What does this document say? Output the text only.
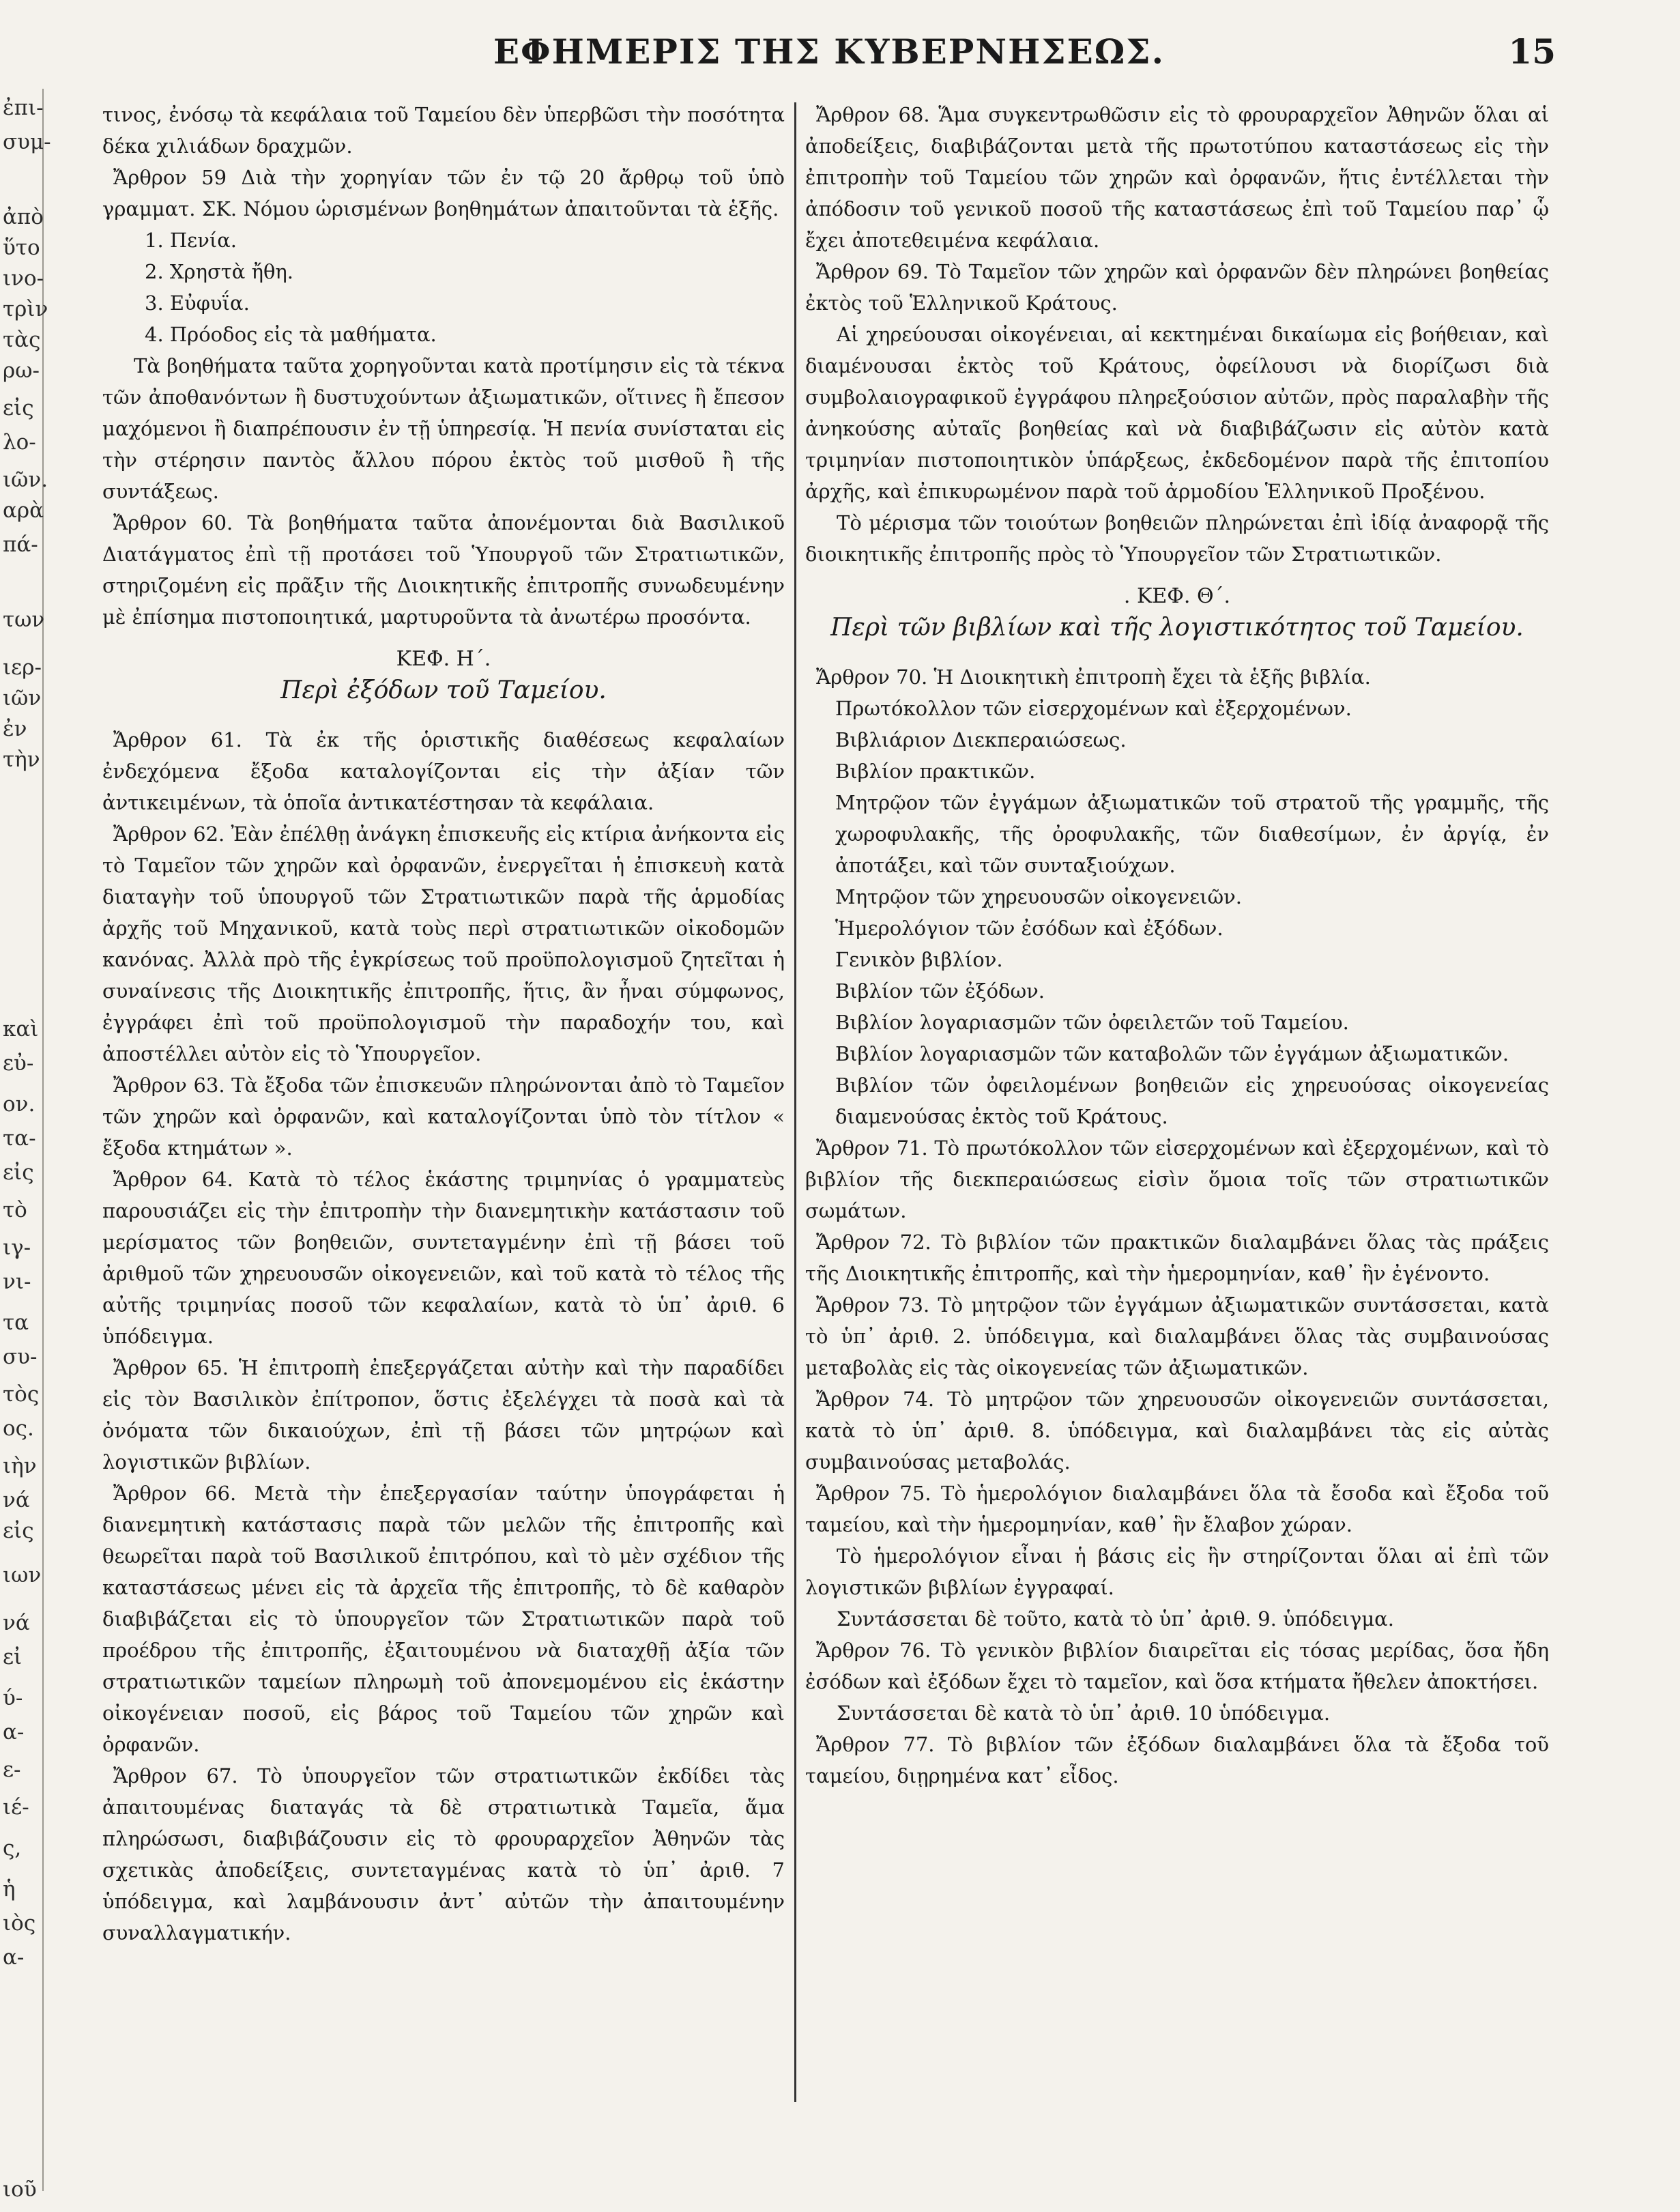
ΕΦΗΜΕΡΙΣ ΤΗΣ ΚΥΒΕΡΝΗΣΕΩΣ.	15
ἐπι-
συμ-
ἀπὸ
ὕτο
ινο-
τρὶν
τὰς
ρω-
εἰς
λο-
ιῶν.
αρὰ
πά-
των
ιερ-
ιῶν
ἐν
τὴν
καὶ
εὐ-
ον.
τα-
εἰς
τὸ
ιγ-
νι-
τα
συ-
τὸς
ος.
ιὴν
νά
εἰς
ιων
νά
εἰ
ύ-
α-
ε-
ιέ-
ς,
ἡ
ιὸς
α-
ιοῦ

τινος, ἐνόσῳ τὰ κεφάλαια τοῦ Ταμείου δὲν ὑπερβῶσι τὴν ποσότητα δέκα χιλιάδων δραχμῶν.

Ἄρθρον 59 Διὰ τὴν χορηγίαν τῶν ἐν τῷ 20 ἄρθρῳ τοῦ ὑπὸ γραμματ. ΣΚ. Νόμου ὡρισμένων βοηθημάτων ἀπαιτοῦνται τὰ ἑξῆς.

1. Πενία.

2. Χρηστὰ ἤθη.

3. Εὐφυΐα.

4. Πρόοδος εἰς τὰ μαθήματα.

Τὰ βοηθήματα ταῦτα χορηγοῦνται κατὰ προτίμησιν εἰς τὰ τέκνα τῶν ἀποθανόντων ἢ δυστυχούντων ἀξιωματικῶν, οἵτινες ἢ ἔπεσον μαχόμενοι ἢ διαπρέπουσιν ἐν τῇ ὑπηρεσίᾳ. Ἡ πενία συνίσταται εἰς τὴν στέρησιν παντὸς ἄλλου πόρου ἐκτὸς τοῦ μισθοῦ ἢ τῆς συντάξεως.

Ἄρθρον 60. Τὰ βοηθήματα ταῦτα ἀπονέμονται διὰ Βασιλικοῦ Διατάγματος ἐπὶ τῇ προτάσει τοῦ Ὑπουργοῦ τῶν Στρατιωτικῶν, στηριζομένη εἰς πρᾶξιν τῆς Διοικητικῆς ἐπιτροπῆς συνωδευμένην μὲ ἐπίσημα πιστοποιητικά, μαρτυροῦντα τὰ ἀνωτέρω προσόντα.

ΚΕΦ. Η΄.

Περὶ ἐξόδων τοῦ Ταμείου.

Ἄρθρον 61. Τὰ ἐκ τῆς ὁριστικῆς διαθέσεως κεφαλαίων ἐνδεχόμενα ἔξοδα καταλογίζονται εἰς τὴν ἀξίαν τῶν ἀντικειμένων, τὰ ὁποῖα ἀντικατέστησαν τὰ κεφάλαια.

Ἄρθρον 62. Ἐὰν ἐπέλθῃ ἀνάγκη ἐπισκευῆς εἰς κτίρια ἀνήκοντα εἰς τὸ Ταμεῖον τῶν χηρῶν καὶ ὀρφανῶν, ἐνεργεῖται ἡ ἐπισκευὴ κατὰ διαταγὴν τοῦ ὑπουργοῦ τῶν Στρατιωτικῶν παρὰ τῆς ἁρμοδίας ἀρχῆς τοῦ Μηχανικοῦ, κατὰ τοὺς περὶ στρατιωτικῶν οἰκοδομῶν κανόνας. Ἀλλὰ πρὸ τῆς ἐγκρίσεως τοῦ προϋπολογισμοῦ ζητεῖται ἡ συναίνεσις τῆς Διοικητικῆς ἐπιτροπῆς, ἥτις, ἂν ἦναι σύμφωνος, ἐγγράφει ἐπὶ τοῦ προϋπολογισμοῦ τὴν παραδοχήν του, καὶ ἀποστέλλει αὐτὸν εἰς τὸ Ὑπουργεῖον.

Ἄρθρον 63. Τὰ ἔξοδα τῶν ἐπισκευῶν πληρώνονται ἀπὸ τὸ Ταμεῖον τῶν χηρῶν καὶ ὀρφανῶν, καὶ καταλογίζονται ὑπὸ τὸν τίτλον « ἔξοδα κτημάτων ».

Ἄρθρον 64. Κατὰ τὸ τέλος ἑκάστης τριμηνίας ὁ γραμματεὺς παρουσιάζει εἰς τὴν ἐπιτροπὴν τὴν διανεμητικὴν κατάστασιν τοῦ μερίσματος τῶν βοηθειῶν, συντεταγμένην ἐπὶ τῇ βάσει τοῦ ἀριθμοῦ τῶν χηρευουσῶν οἰκογενειῶν, καὶ τοῦ κατὰ τὸ τέλος τῆς αὐτῆς τριμηνίας ποσοῦ τῶν κεφαλαίων, κατὰ τὸ ὑπ᾽ ἀριθ. 6 ὑπόδειγμα.

Ἄρθρον 65. Ἡ ἐπιτροπὴ ἐπεξεργάζεται αὐτὴν καὶ τὴν παραδίδει εἰς τὸν Βασιλικὸν ἐπίτροπον, ὅστις ἐξελέγχει τὰ ποσὰ καὶ τὰ ὀνόματα τῶν δικαιούχων, ἐπὶ τῇ βάσει τῶν μητρῴων καὶ λογιστικῶν βιβλίων.

Ἄρθρον 66. Μετὰ τὴν ἐπεξεργασίαν ταύτην ὑπογράφεται ἡ διανεμητικὴ κατάστασις παρὰ τῶν μελῶν τῆς ἐπιτροπῆς καὶ θεωρεῖται παρὰ τοῦ Βασιλικοῦ ἐπιτρόπου, καὶ τὸ μὲν σχέδιον τῆς καταστάσεως μένει εἰς τὰ ἀρχεῖα τῆς ἐπιτροπῆς, τὸ δὲ καθαρὸν διαβιβάζεται εἰς τὸ ὑπουργεῖον τῶν Στρατιωτικῶν παρὰ τοῦ προέδρου τῆς ἐπιτροπῆς, ἐξαιτουμένου νὰ διαταχθῇ ἀξία τῶν στρατιωτικῶν ταμείων πληρωμὴ τοῦ ἀπονεμομένου εἰς ἑκάστην οἰκογένειαν ποσοῦ, εἰς βάρος τοῦ Ταμείου τῶν χηρῶν καὶ ὀρφανῶν.

Ἄρθρον 67. Τὸ ὑπουργεῖον τῶν στρατιωτικῶν ἐκδίδει τὰς ἀπαιτουμένας διαταγάς τὰ δὲ στρατιωτικὰ Ταμεῖα, ἅμα πληρώσωσι, διαβιβάζουσιν εἰς τὸ φρουραρχεῖον Ἀθηνῶν τὰς σχετικὰς ἀποδείξεις, συντεταγμένας κατὰ τὸ ὑπ᾽ ἀριθ. 7 ὑπόδειγμα, καὶ λαμβάνουσιν ἀντ᾽ αὐτῶν τὴν ἀπαιτουμένην συναλλαγματικήν.

Ἄρθρον 68. Ἅμα συγκεντρωθῶσιν εἰς τὸ φρουραρχεῖον Ἀθηνῶν ὅλαι αἱ ἀποδείξεις, διαβιβάζονται μετὰ τῆς πρωτοτύπου καταστάσεως εἰς τὴν ἐπιτροπὴν τοῦ Ταμείου τῶν χηρῶν καὶ ὀρφανῶν, ἥτις ἐντέλλεται τὴν ἀπόδοσιν τοῦ γενικοῦ ποσοῦ τῆς καταστάσεως ἐπὶ τοῦ Ταμείου παρ᾽ ᾧ ἔχει ἀποτεθειμένα κεφάλαια.

Ἄρθρον 69. Τὸ Ταμεῖον τῶν χηρῶν καὶ ὀρφανῶν δὲν πληρώνει βοηθείας ἐκτὸς τοῦ Ἑλληνικοῦ Κράτους.

Αἱ χηρεύουσαι οἰκογένειαι, αἱ κεκτημέναι δικαίωμα εἰς βοήθειαν, καὶ διαμένουσαι ἐκτὸς τοῦ Κράτους, ὀφείλουσι νὰ διορίζωσι διὰ συμβολαιογραφικοῦ ἐγγράφου πληρεξούσιον αὐτῶν, πρὸς παραλαβὴν τῆς ἀνηκούσης αὐταῖς βοηθείας καὶ νὰ διαβιβάζωσιν εἰς αὐτὸν κατὰ τριμηνίαν πιστοποιητικὸν ὑπάρξεως, ἐκδεδομένον παρὰ τῆς ἐπιτοπίου ἀρχῆς, καὶ ἐπικυρωμένον παρὰ τοῦ ἁρμοδίου Ἑλληνικοῦ Προξένου.

Τὸ μέρισμα τῶν τοιούτων βοηθειῶν πληρώνεται ἐπὶ ἰδίᾳ ἀναφορᾷ τῆς διοικητικῆς ἐπιτροπῆς πρὸς τὸ Ὑπουργεῖον τῶν Στρατιωτικῶν.

. ΚΕΦ. Θ΄.

Περὶ τῶν βιβλίων καὶ τῆς λογιστικότητος τοῦ Ταμείου.

Ἄρθρον 70. Ἡ Διοικητικὴ ἐπιτροπὴ ἔχει τὰ ἑξῆς βιβλία.

Πρωτόκολλον τῶν εἰσερχομένων καὶ ἐξερχομένων.

Βιβλιάριον Διεκπεραιώσεως.

Βιβλίον πρακτικῶν.

Μητρῷον τῶν ἐγγάμων ἀξιωματικῶν τοῦ στρατοῦ τῆς γραμμῆς, τῆς χωροφυλακῆς, τῆς ὀροφυλακῆς, τῶν διαθεσίμων, ἐν ἀργίᾳ, ἐν ἀποτάξει, καὶ τῶν συνταξιούχων.

Μητρῷον τῶν χηρευουσῶν οἰκογενειῶν.

Ἡμερολόγιον τῶν ἐσόδων καὶ ἐξόδων.

Γενικὸν βιβλίον.

Βιβλίον τῶν ἐξόδων.

Βιβλίον λογαριασμῶν τῶν ὀφειλετῶν τοῦ Ταμείου.

Βιβλίον λογαριασμῶν τῶν καταβολῶν τῶν ἐγγάμων ἀξιωματικῶν.

Βιβλίον τῶν ὀφειλομένων βοηθειῶν εἰς χηρευούσας οἰκογενείας διαμενούσας ἐκτὸς τοῦ Κράτους.

Ἄρθρον 71. Τὸ πρωτόκολλον τῶν εἰσερχομένων καὶ ἐξερχομένων, καὶ τὸ βιβλίον τῆς διεκπεραιώσεως εἰσὶν ὅμοια τοῖς τῶν στρατιωτικῶν σωμάτων.

Ἄρθρον 72. Τὸ βιβλίον τῶν πρακτικῶν διαλαμβάνει ὅλας τὰς πράξεις τῆς Διοικητικῆς ἐπιτροπῆς, καὶ τὴν ἡμερομηνίαν, καθ᾽ ἣν ἐγένοντο.

Ἄρθρον 73. Τὸ μητρῷον τῶν ἐγγάμων ἀξιωματικῶν συντάσσεται, κατὰ τὸ ὑπ᾽ ἀριθ. 2. ὑπόδειγμα, καὶ διαλαμβάνει ὅλας τὰς συμβαινούσας μεταβολὰς εἰς τὰς οἰκογενείας τῶν ἀξιωματικῶν.

Ἄρθρον 74. Τὸ μητρῷον τῶν χηρευουσῶν οἰκογενειῶν συντάσσεται, κατὰ τὸ ὑπ᾽ ἀριθ. 8. ὑπόδειγμα, καὶ διαλαμβάνει τὰς εἰς αὐτὰς συμβαινούσας μεταβολάς.

Ἄρθρον 75. Τὸ ἡμερολόγιον διαλαμβάνει ὅλα τὰ ἔσοδα καὶ ἔξοδα τοῦ ταμείου, καὶ τὴν ἡμερομηνίαν, καθ᾽ ἣν ἔλαβον χώραν.

Τὸ ἡμερολόγιον εἶναι ἡ βάσις εἰς ἣν στηρίζονται ὅλαι αἱ ἐπὶ τῶν λογιστικῶν βιβλίων ἐγγραφαί.

Συντάσσεται δὲ τοῦτο, κατὰ τὸ ὑπ᾽ ἀριθ. 9. ὑπόδειγμα.

Ἄρθρον 76. Τὸ γενικὸν βιβλίον διαιρεῖται εἰς τόσας μερίδας, ὅσα ἤδη ἐσόδων καὶ ἐξόδων ἔχει τὸ ταμεῖον, καὶ ὅσα κτήματα ἤθελεν ἀποκτήσει.

Συντάσσεται δὲ κατὰ τὸ ὑπ᾽ ἀριθ. 10 ὑπόδειγμα.

Ἄρθρον 77. Τὸ βιβλίον τῶν ἐξόδων διαλαμβάνει ὅλα τὰ ἔξοδα τοῦ ταμείου, διῃρημένα κατ᾽ εἶδος.
